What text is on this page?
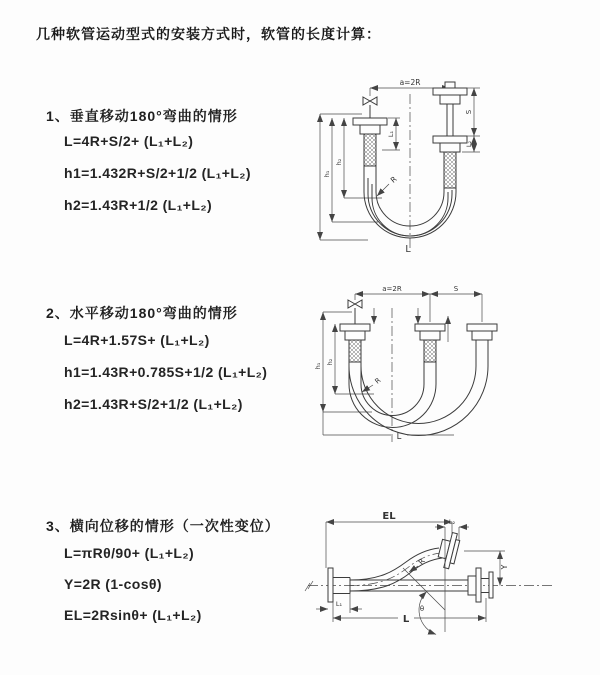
几种软管运动型式的安装方式时，软管的长度计算：
1、垂直移动180°弯曲的情形
L=4R+S/2+ (L₁+L₂)
h1=1.432R+S/2+1/2 (L₁+L₂)
h2=1.43R+1/2 (L₁+L₂)
2、水平移动180°弯曲的情形
L=4R+1.57S+ (L₁+L₂)
h1=1.43R+0.785S+1/2 (L₁+L₂)
h2=1.43R+S/2+1/2 (L₁+L₂)
3、横向位移的情形（一次性变位）
L=πRθ/90+ (L₁+L₂)
Y=2R (1-cosθ)
EL=2Rsinθ+ (L₁+L₂)
a=2R
L₁
S
L₂
h₁
h₂
R
L
a=2R	S
h₁
h₂
R
L
EL	L₂
Y
R
θ
L₁
L
